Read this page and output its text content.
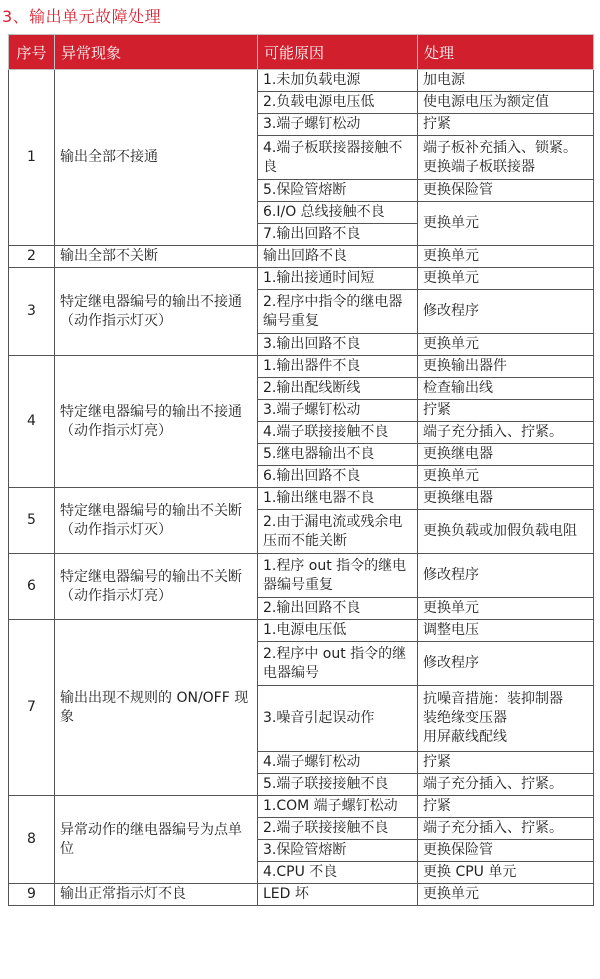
3、输出单元故障处理
序号	异常现象	可能原因	处理
1	输出全部不接通	1.未加负载电源	加电源
		2.负载电源电压低	使电源电压为额定值
		3.端子螺钉松动	拧紧
		4.端子板联接器接触不良	端子板补充插入、锁紧。更换端子板联接器
		5.保险管熔断	更换保险管
		6.I/O 总线接触不良	更换单元
		7.输出回路不良	
2	输出全部不关断	输出回路不良	更换单元
3	特定继电器编号的输出不接通（动作指示灯灭）	1.输出接通时间短	更换单元
		2.程序中指令的继电器编号重复	修改程序
		3.输出回路不良	更换单元
4	特定继电器编号的输出不接通（动作指示灯亮）	1.输出器件不良	更换输出器件
		2.输出配线断线	检查输出线
		3.端子螺钉松动	拧紧
		4.端子联接接触不良	端子充分插入、拧紧。
		5.继电器输出不良	更换继电器
		6.输出回路不良	更换单元
5	特定继电器编号的输出不关断（动作指示灯灭）	1.输出继电器不良	更换继电器
		2.由于漏电流或残余电压而不能关断	更换负载或加假负载电阻
6	特定继电器编号的输出不关断（动作指示灯亮）	1.程序 out 指令的继电器编号重复	修改程序
		2.输出回路不良	更换单元
7	输出出现不规则的 ON/OFF 现象	1.电源电压低	调整电压
		2.程序中 out 指令的继电器编号	修改程序
		3.噪音引起误动作	抗噪音措施：装抑制器
装绝缘变压器
用屏蔽线配线
		4.端子螺钉松动	拧紧
		5.端子联接接触不良	端子充分插入、拧紧。
8	异常动作的继电器编号为点单位	1.COM 端子螺钉松动	拧紧
		2.端子联接接触不良	端子充分插入、拧紧。
		3.保险管熔断	更换保险管
		4.CPU 不良	更换 CPU 单元
9	输出正常指示灯不良	LED 坏	更换单元
